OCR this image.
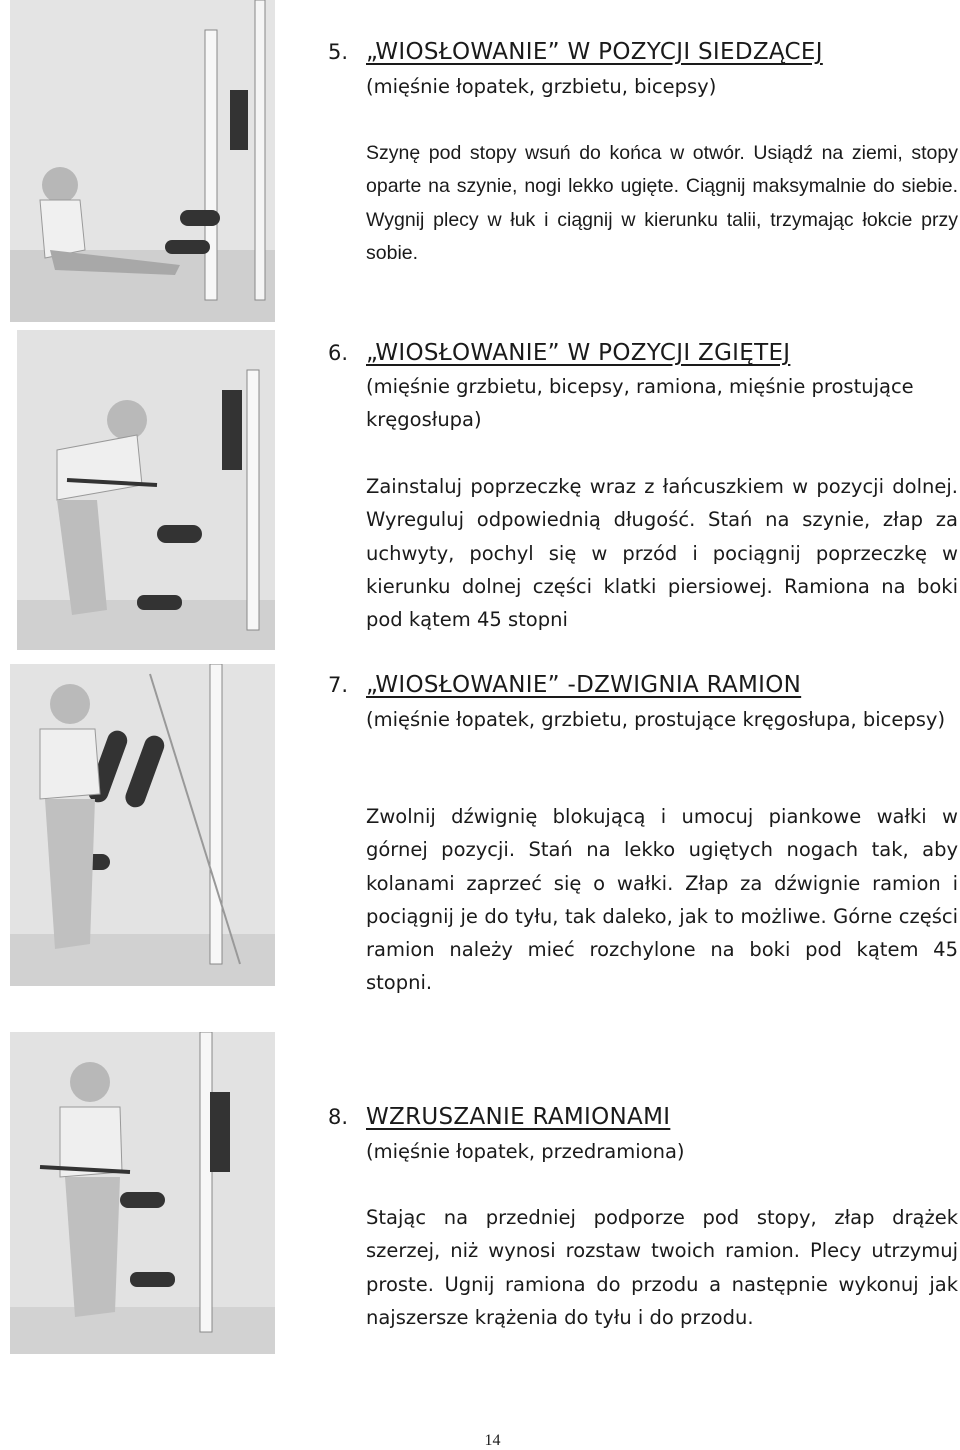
5. „WIOSŁOWANIE” W POZYCJI SIEDZĄCEJ
(mięśnie łopatek, grzbietu, bicepsy)
Szynę pod stopy wsuń do końca w otwór. Usiądź na ziemi, stopy oparte na szynie, nogi lekko ugięte. Ciągnij maksymalnie do siebie. Wygnij plecy w łuk i ciągnij w kierunku talii, trzymając łokcie przy sobie.
6. „WIOSŁOWANIE” W POZYCJI ZGIĘTEJ
(mięśnie grzbietu, bicepsy, ramiona, mięśnie prostujące kręgosłupa)
Zainstaluj poprzeczkę wraz z łańcuszkiem w pozycji dolnej. Wyreguluj odpowiednią długość. Stań na szynie, złap za uchwyty, pochyl się w przód i pociągnij poprzeczkę w kierunku dolnej części klatki piersiowej. Ramiona na boki pod kątem 45 stopni
7. „WIOSŁOWANIE” -DZWIGNIA RAMION
(mięśnie łopatek, grzbietu, prostujące kręgosłupa, bicepsy)
Zwolnij dźwignię blokującą i umocuj piankowe wałki w górnej pozycji. Stań na lekko ugiętych nogach tak, aby kolanami zaprzeć się o wałki. Złap za dźwignie ramion i pociągnij je do tyłu, tak daleko, jak to możliwe. Górne części ramion należy mieć rozchylone na boki pod kątem 45 stopni.
8. WZRUSZANIE RAMIONAMI
(mięśnie łopatek, przedramiona)
Stając na przedniej podporze pod stopy, złap drążek szerzej, niż wynosi rozstaw twoich ramion. Plecy utrzymuj proste. Ugnij ramiona do przodu a następnie wykonuj jak najszersze krążenia do tyłu i do przodu.
14
